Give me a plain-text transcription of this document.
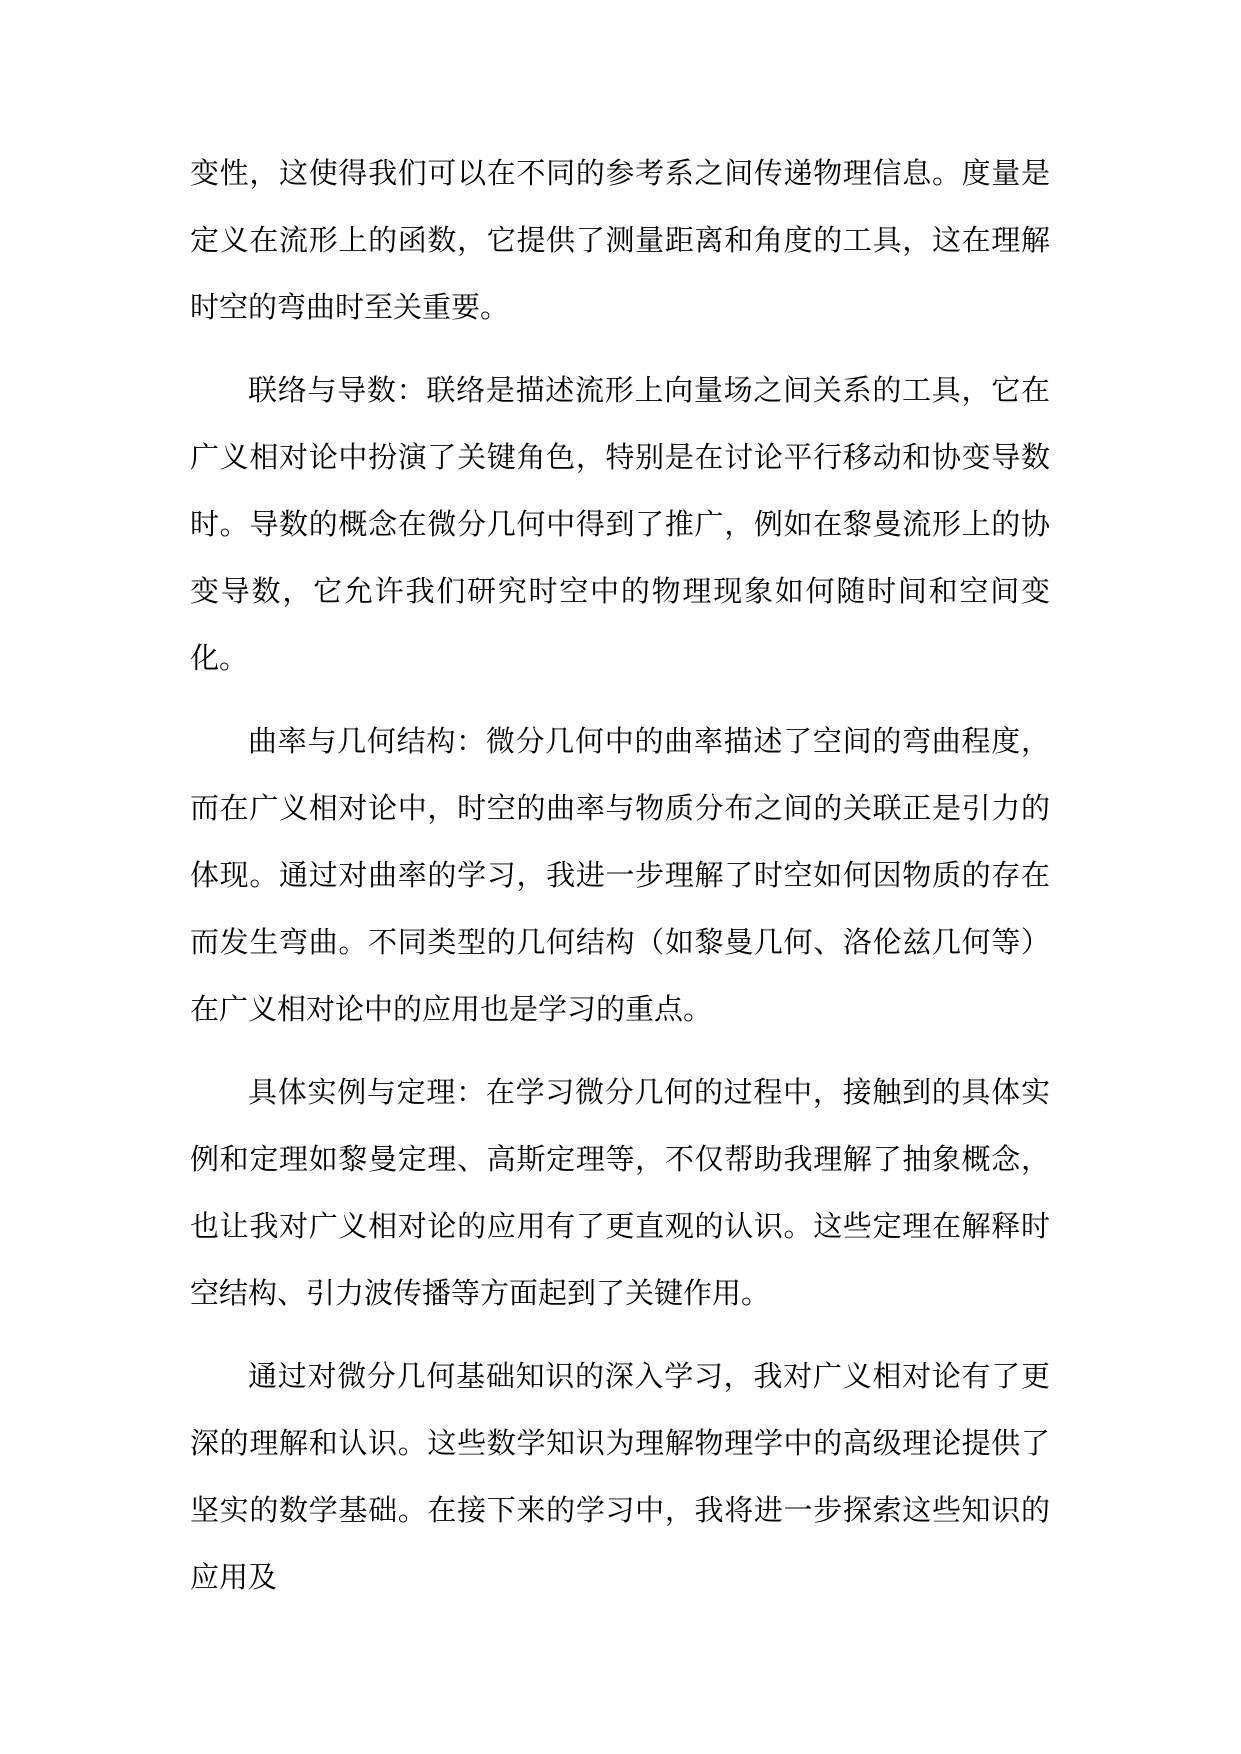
变性，这使得我们可以在不同的参考系之间传递物理信息。度量是定义在流形上的函数，它提供了测量距离和角度的工具，这在理解时空的弯曲时至关重要。

联络与导数：联络是描述流形上向量场之间关系的工具，它在广义相对论中扮演了关键角色，特别是在讨论平行移动和协变导数时。导数的概念在微分几何中得到了推广，例如在黎曼流形上的协变导数，它允许我们研究时空中的物理现象如何随时间和空间变化。

曲率与几何结构：微分几何中的曲率描述了空间的弯曲程度，而在广义相对论中，时空的曲率与物质分布之间的关联正是引力的体现。通过对曲率的学习，我进一步理解了时空如何因物质的存在而发生弯曲。不同类型的几何结构（如黎曼几何、洛伦兹几何等）在广义相对论中的应用也是学习的重点。

具体实例与定理：在学习微分几何的过程中，接触到的具体实例和定理如黎曼定理、高斯定理等，不仅帮助我理解了抽象概念，也让我对广义相对论的应用有了更直观的认识。这些定理在解释时空结构、引力波传播等方面起到了关键作用。

通过对微分几何基础知识的深入学习，我对广义相对论有了更深的理解和认识。这些数学知识为理解物理学中的高级理论提供了坚实的数学基础。在接下来的学习中，我将进一步探索这些知识的应用及
